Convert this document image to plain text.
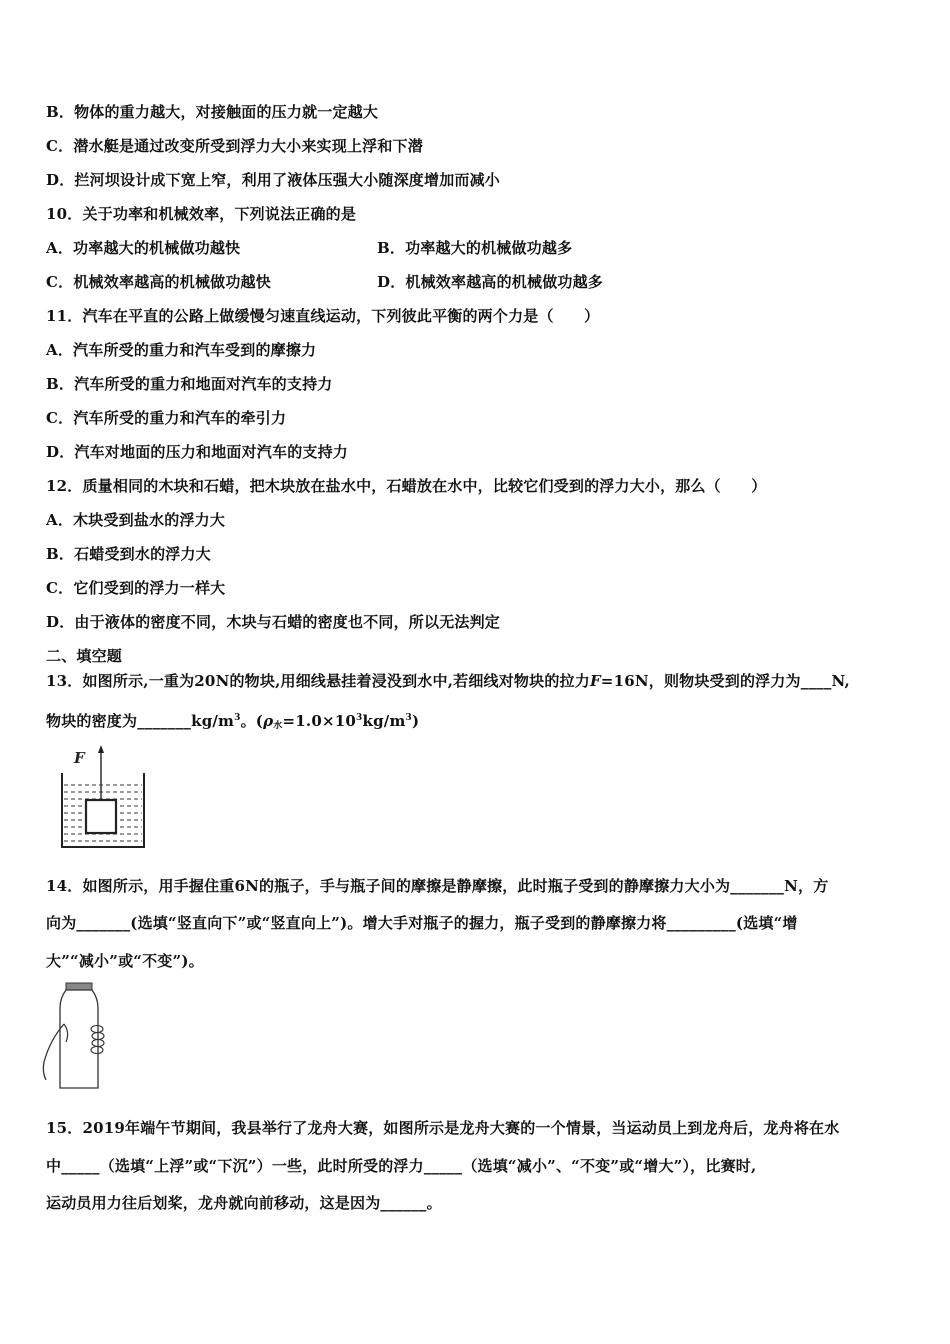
B．物体的重力越大，对接触面的压力就一定越大
C．潜水艇是通过改变所受到浮力大小来实现上浮和下潜
D．拦河坝设计成下宽上窄，利用了液体压强大小随深度增加而减小
10．关于功率和机械效率，下列说法正确的是
A．功率越大的机械做功越快	B．功率越大的机械做功越多
C．机械效率越高的机械做功越快	D．机械效率越高的机械做功越多
11．汽车在平直的公路上做缓慢匀速直线运动，下列彼此平衡的两个力是（　　）
A．汽车所受的重力和汽车受到的摩擦力
B．汽车所受的重力和地面对汽车的支持力
C．汽车所受的重力和汽车的牵引力
D．汽车对地面的压力和地面对汽车的支持力
12．质量相同的木块和石蜡，把木块放在盐水中，石蜡放在水中，比较它们受到的浮力大小，那么（　　）
A．木块受到盐水的浮力大
B．石蜡受到水的浮力大
C．它们受到的浮力一样大
D．由于液体的密度不同，木块与石蜡的密度也不同，所以无法判定
二、填空题
13．如图所示,一重为20N的物块,用细线悬挂着浸没到水中,若细线对物块的拉力F=16N，则物块受到的浮力为____N,
物块的密度为$\_\_\_\_\_\_\_kg/m^3$。$(\rho_水=1.0\times 10^3kg/m^3)$
F
14．如图所示，用手握住重6N的瓶子，手与瓶子间的摩擦是静摩擦，此时瓶子受到的静摩擦力大小为_______N，方
向为_______(选填“竖直向下”或“竖直向上”)。增大手对瓶子的握力，瓶子受到的静摩擦力将_________(选填“增
大”“减小”或“不变”)。
15．2019年端午节期间，我县举行了龙舟大赛，如图所示是龙舟大赛的一个情景，当运动员上到龙舟后，龙舟将在水
中_____（选填“上浮”或“下沉”）一些，此时所受的浮力_____（选填“减小”、“不变”或“增大”），比赛时,
运动员用力往后划桨，龙舟就向前移动，这是因为______。
